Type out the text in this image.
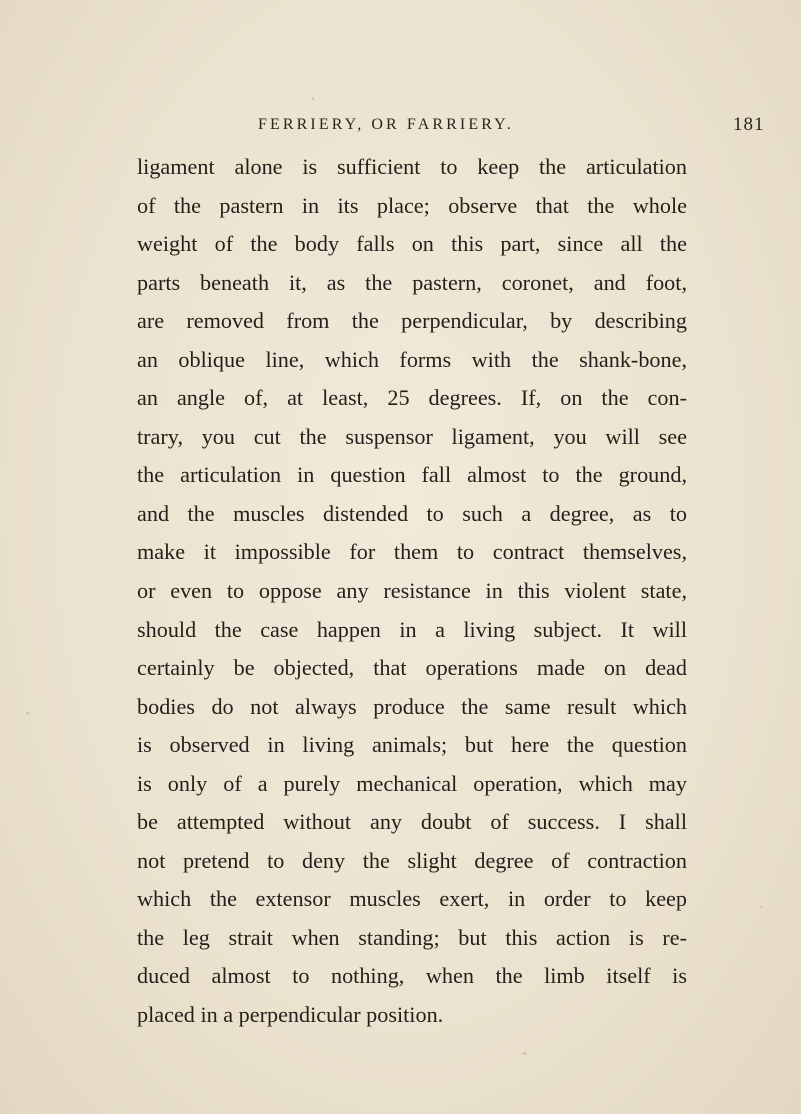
FERRIERY, OR FARRIERY.	181
ligament alone is sufficient to keep the articulation
of the pastern in its place; observe that the whole
weight of the body falls on this part, since all the
parts beneath it, as the pastern, coronet, and foot,
are removed from the perpendicular, by describing
an oblique line, which forms with the shank-bone,
an angle of, at least, 25 degrees. If, on the con-
trary, you cut the suspensor ligament, you will see
the articulation in question fall almost to the ground,
and the muscles distended to such a degree, as to
make it impossible for them to contract themselves,
or even to oppose any resistance in this violent state,
should the case happen in a living subject. It will
certainly be objected, that operations made on dead
bodies do not always produce the same result which
is observed in living animals; but here the question
is only of a purely mechanical operation, which may
be attempted without any doubt of success. I shall
not pretend to deny the slight degree of contraction
which the extensor muscles exert, in order to keep
the leg strait when standing; but this action is re-
duced almost to nothing, when the limb itself is
placed in a perpendicular position.
